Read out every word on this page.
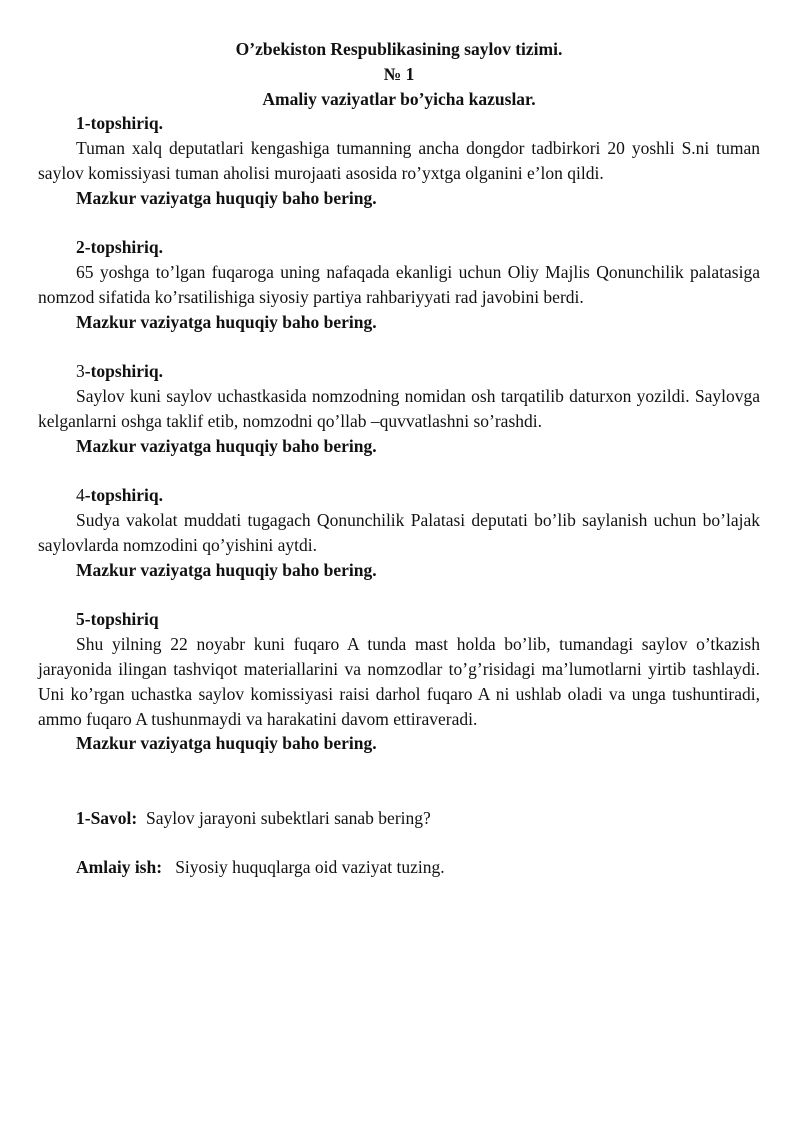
O’zbekiston Respublikasining saylov tizimi.

№ 1

Amaliy vaziyatlar bo’yicha kazuslar.

1-topshiriq.

Tuman xalq deputatlari kengashiga tumanning ancha dongdor tadbirkori 20 yoshli S.ni tuman saylov komissiyasi tuman aholisi murojaati asosida ro’yxtga olganini e’lon qildi.

Mazkur vaziyatga huquqiy baho bering.

2-topshiriq.

65 yoshga to’lgan fuqaroga uning nafaqada ekanligi uchun Oliy Majlis Qonunchilik palatasiga nomzod sifatida ko’rsatilishiga siyosiy partiya rahbariyyati rad javobini berdi.

Mazkur vaziyatga huquqiy baho bering.

3-topshiriq.

Saylov kuni saylov uchastkasida nomzodning nomidan osh tarqatilib daturxon yozildi. Saylovga kelganlarni oshga taklif etib, nomzodni qo’llab –quvvatlashni so’rashdi.

Mazkur vaziyatga huquqiy baho bering.

4-topshiriq.

Sudya vakolat muddati tugagach Qonunchilik Palatasi deputati bo’lib saylanish uchun bo’lajak saylovlarda nomzodini qo’yishini aytdi.

Mazkur vaziyatga huquqiy baho bering.

5-topshiriq

Shu yilning 22 noyabr kuni fuqaro A tunda mast holda bo’lib, tumandagi saylov o’tkazish jarayonida ilingan tashviqot materiallarini va nomzodlar to’g’risidagi ma’lumotlarni yirtib tashlaydi. Uni ko’rgan uchastka saylov komissiyasi raisi darhol fuqaro A ni ushlab oladi va unga tushuntiradi, ammo fuqaro A tushunmaydi va harakatini davom ettiraveradi.

Mazkur vaziyatga huquqiy baho bering.

1-Savol: Saylov jarayoni subektlari sanab bering?

Amlaiy ish: Siyosiy huquqlarga oid vaziyat tuzing.
